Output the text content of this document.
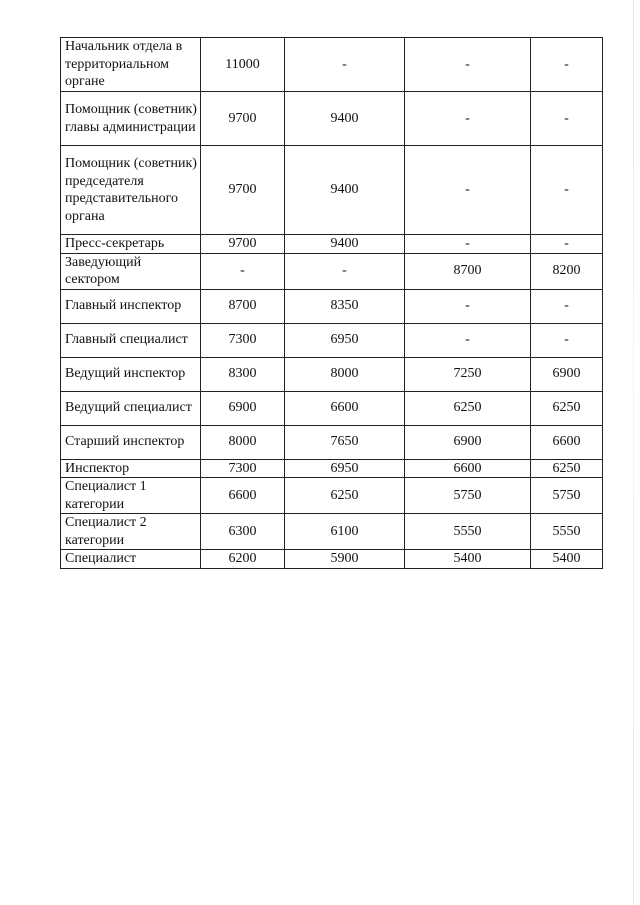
Начальник отдела в территориальном органе	11000	-	-	-
Помощник (советник) главы администрации	9700	9400	-	-
Помощник (советник) председателя представительного органа	9700	9400	-	-
Пресс-секретарь	9700	9400	-	-
Заведующий сектором	-	-	8700	8200
Главный инспектор	8700	8350	-	-
Главный специалист	7300	6950	-	-
Ведущий инспектор	8300	8000	7250	6900
Ведущий специалист	6900	6600	6250	6250
Старший инспектор	8000	7650	6900	6600
Инспектор	7300	6950	6600	6250
Специалист 1 категории	6600	6250	5750	5750
Специалист 2 категории	6300	6100	5550	5550
Специалист	6200	5900	5400	5400
